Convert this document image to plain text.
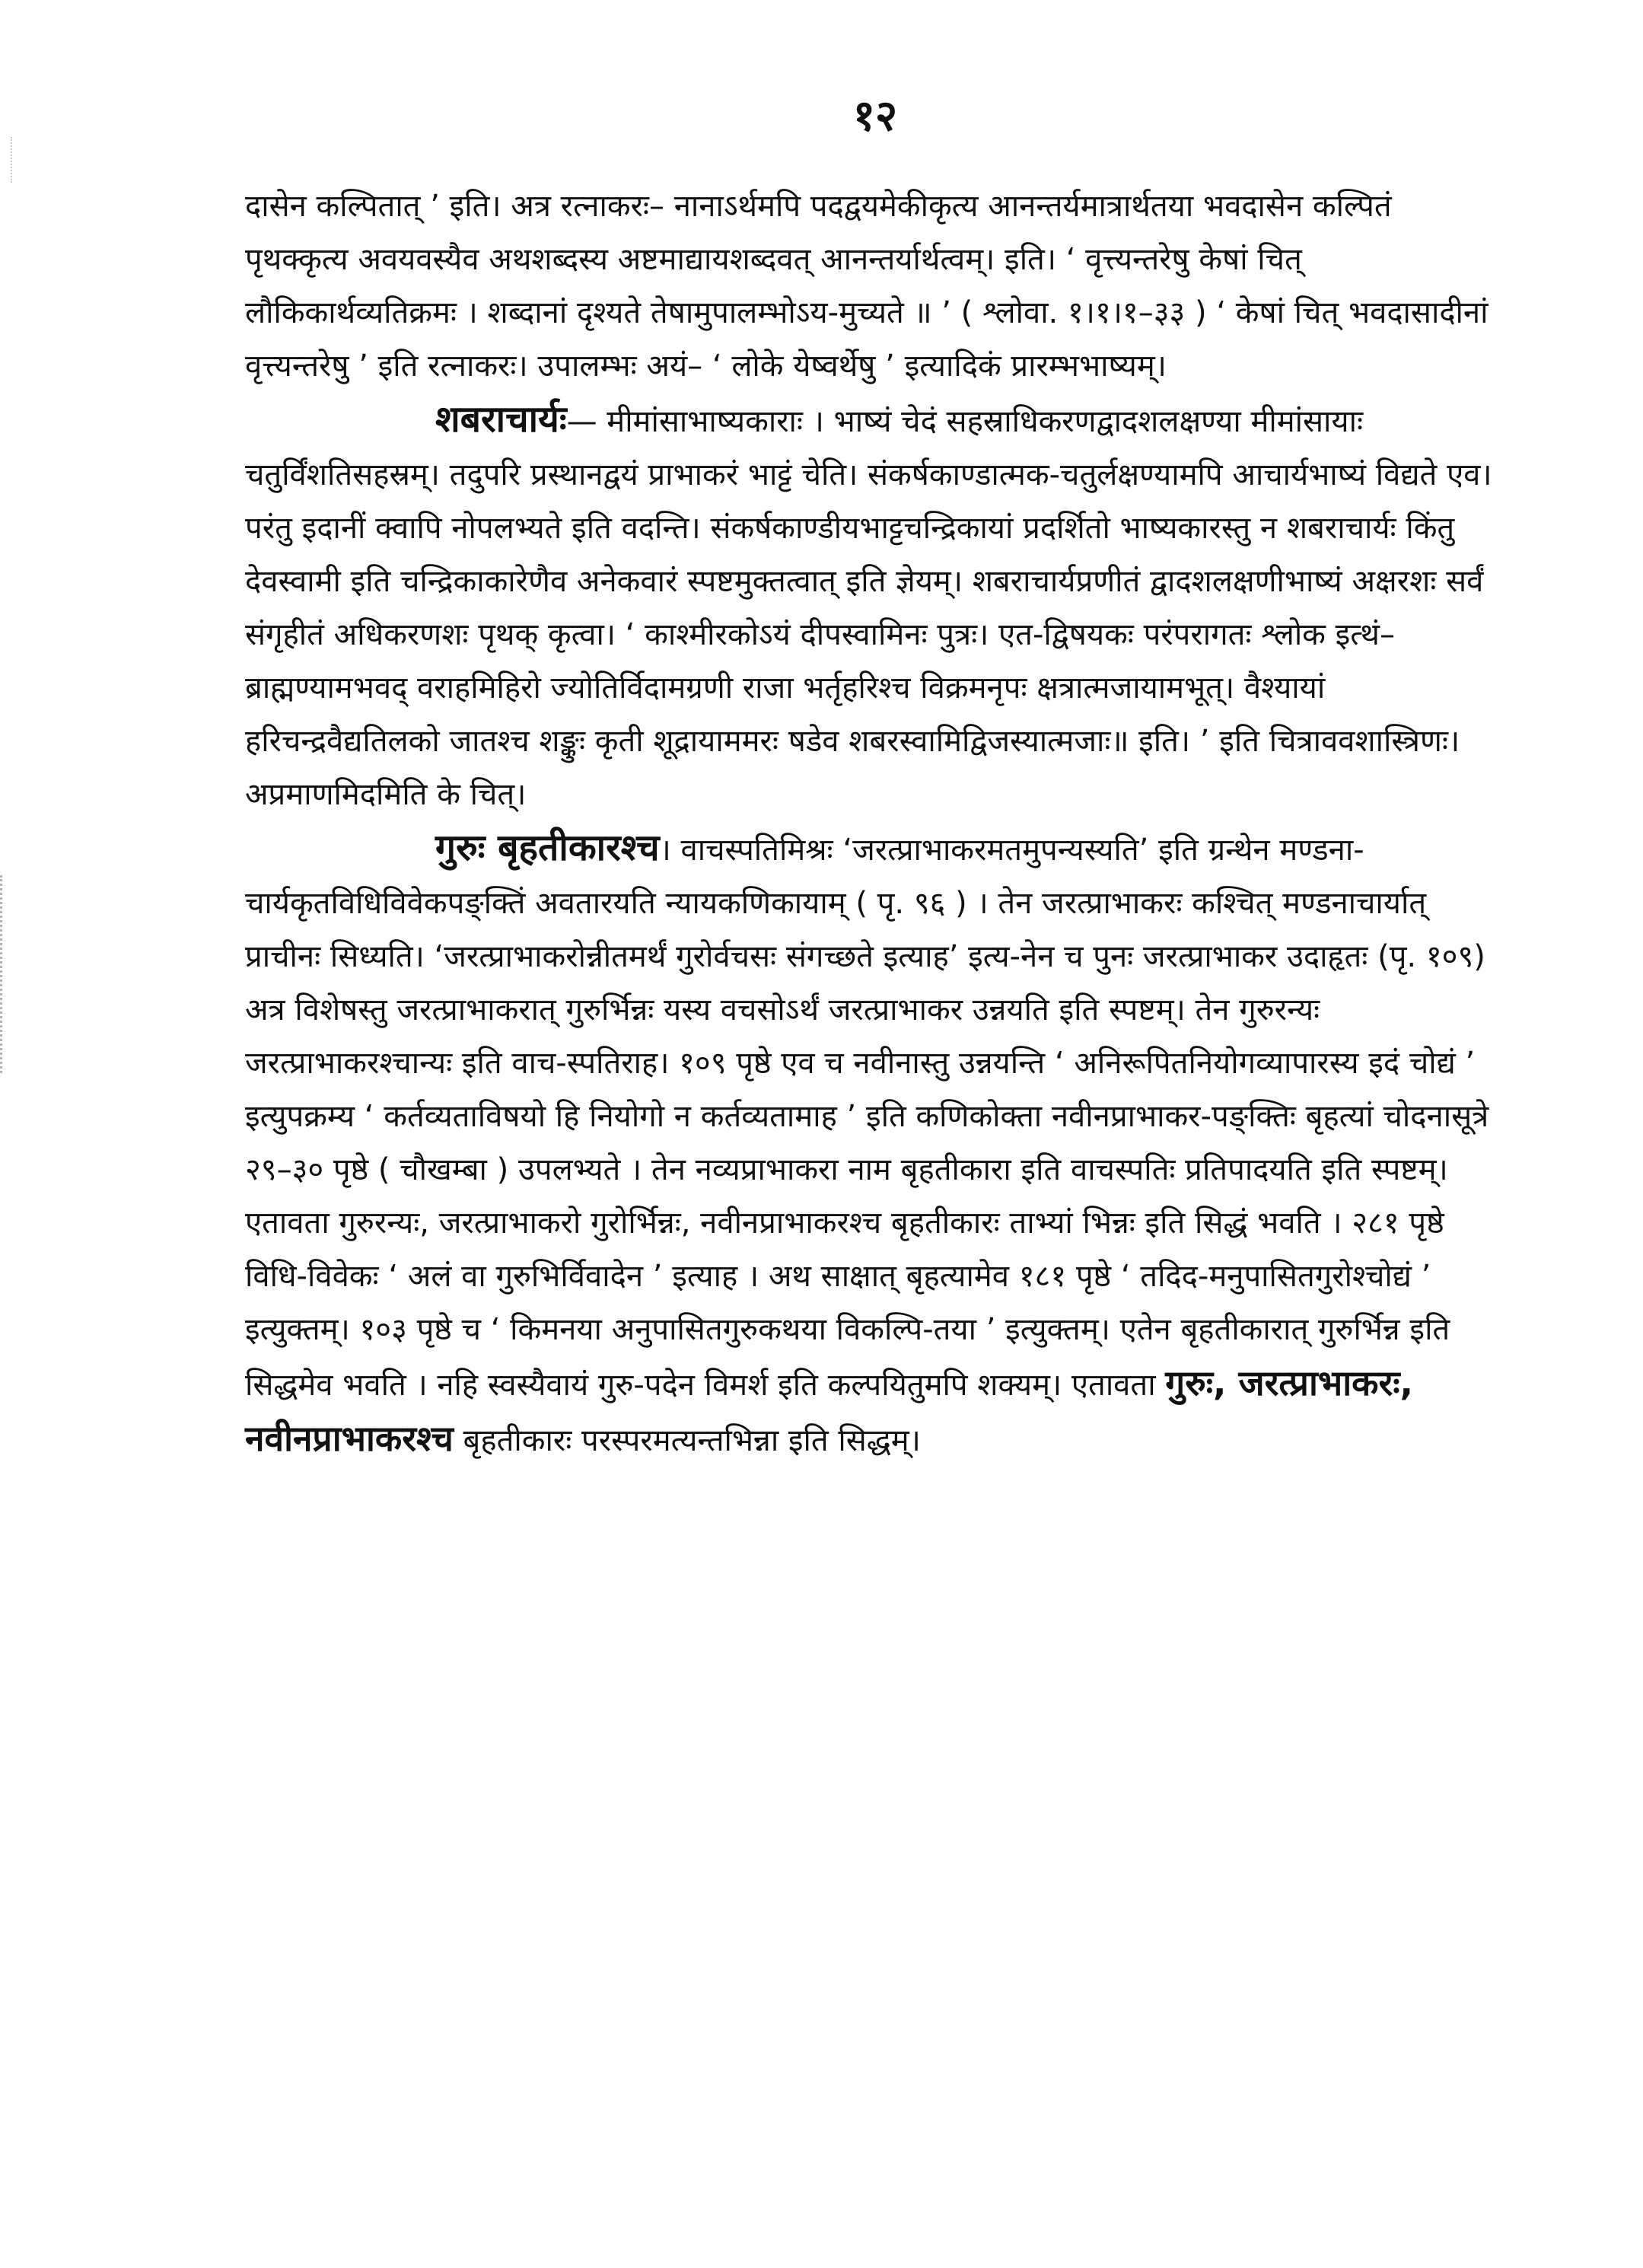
१२

दासेन कल्पितात् ’ इति। अत्र रत्नाकरः– नानाऽर्थमपि पदद्वयमेकीकृत्य आनन्तर्यमात्रार्थतया भवदासेन कल्पितं पृथक्कृत्य अवयवस्यैव अथशब्दस्य अष्टमाद्यायशब्दवत् आनन्तर्यार्थत्वम्। इति। ‘ वृत्त्यन्तरेषु केषां चित् लौकिकार्थव्यतिक्रमः । शब्दानां दृश्यते तेषामुपालम्भोऽय-मुच्यते ॥ ’ ( श्लोवा. १।१।१–३३ ) ‘ केषां चित् भवदासादीनां वृत्त्यन्तरेषु ’ इति रत्नाकरः। उपालम्भः अयं– ‘ लोके येष्वर्थेषु ’ इत्यादिकं प्रारम्भभाष्यम्।

शबराचार्यः— मीमांसाभाष्यकाराः । भाष्यं चेदं सहस्राधिकरणद्वादशलक्षण्या मीमांसायाः चतुर्विंशतिसहस्रम्। तदुपरि प्रस्थानद्वयं प्राभाकरं भाट्टं चेति। संकर्षकाण्डात्मक-चतुर्लक्षण्यामपि आचार्यभाष्यं विद्यते एव। परंतु इदानीं क्वापि नोपलभ्यते इति वदन्ति। संकर्षकाण्डीयभाट्टचन्द्रिकायां प्रदर्शितो भाष्यकारस्तु न शबराचार्यः किंतु देवस्वामी इति चन्द्रिकाकारेणैव अनेकवारं स्पष्टमुक्तत्वात् इति ज्ञेयम्। शबराचार्यप्रणीतं द्वादशलक्षणीभाष्यं अक्षरशः सर्वं संगृहीतं अधिकरणशः पृथक् कृत्वा। ‘ काश्मीरकोऽयं दीपस्वामिनः पुत्रः। एत-द्विषयकः परंपरागतः श्लोक इत्थं– ब्राह्मण्यामभवद् वराहमिहिरो ज्योतिर्विदामग्रणी राजा भर्तृहरिश्च विक्रमनृपः क्षत्रात्मजायामभूत्। वैश्यायां हरिचन्द्रवैद्यतिलको जातश्च शङ्कुः कृती शूद्रायाममरः षडेव शबरस्वामिद्विजस्यात्मजाः॥ इति। ’ इति चित्राववशास्त्रिणः। अप्रमाणमिदमिति के चित्।

गुरुः बृहतीकारश्च। वाचस्पतिमिश्रः ‘जरत्प्राभाकरमतमुपन्यस्यति’ इति ग्रन्थेन मण्डना-चार्यकृतविधिविवेकपङ्क्तिं अवतारयति न्यायकणिकायाम् ( पृ. ९६ ) । तेन जरत्प्राभाकरः कश्चित् मण्डनाचार्यात् प्राचीनः सिध्यति। ‘जरत्प्राभाकरोन्नीतमर्थं गुरोर्वचसः संगच्छते इत्याह’ इत्य-नेन च पुनः जरत्प्राभाकर उदाहृतः (पृ. १०९) अत्र विशेषस्तु जरत्प्राभाकरात् गुरुर्भिन्नः यस्य वचसोऽर्थं जरत्प्राभाकर उन्नयति इति स्पष्टम्। तेन गुरुरन्यः जरत्प्राभाकरश्चान्यः इति वाच-स्पतिराह। १०९ पृष्ठे एव च नवीनास्तु उन्नयन्ति ‘ अनिरूपितनियोगव्यापारस्य इदं चोद्यं ’ इत्युपक्रम्य ‘ कर्तव्यताविषयो हि नियोगो न कर्तव्यतामाह ’ इति कणिकोक्ता नवीनप्राभाकर-पङ्क्तिः बृहत्यां चोदनासूत्रे २९–३० पृष्ठे ( चौखम्बा ) उपलभ्यते । तेन नव्यप्राभाकरा नाम बृहतीकारा इति वाचस्पतिः प्रतिपादयति इति स्पष्टम्। एतावता गुरुरन्यः, जरत्प्राभाकरो गुरोर्भिन्नः, नवीनप्राभाकरश्च बृहतीकारः ताभ्यां भिन्नः इति सिद्धं भवति । २८१ पृष्ठे विधि-विवेकः ‘ अलं वा गुरुभिर्विवादेन ’ इत्याह । अथ साक्षात् बृहत्यामेव १८१ पृष्ठे ‘ तदिद-मनुपासितगुरोश्चोद्यं ’ इत्युक्तम्। १०३ पृष्ठे च ‘ किमनया अनुपासितगुरुकथया विकल्पि-तया ’ इत्युक्तम्। एतेन बृहतीकारात् गुरुर्भिन्न इति सिद्धमेव भवति । नहि स्वस्यैवायं गुरु-पदेन विमर्श इति कल्पयितुमपि शक्यम्। एतावता गुरुः, जरत्प्राभाकरः, नवीनप्राभाकरश्च बृहतीकारः परस्परमत्यन्तभिन्ना इति सिद्धम्।
